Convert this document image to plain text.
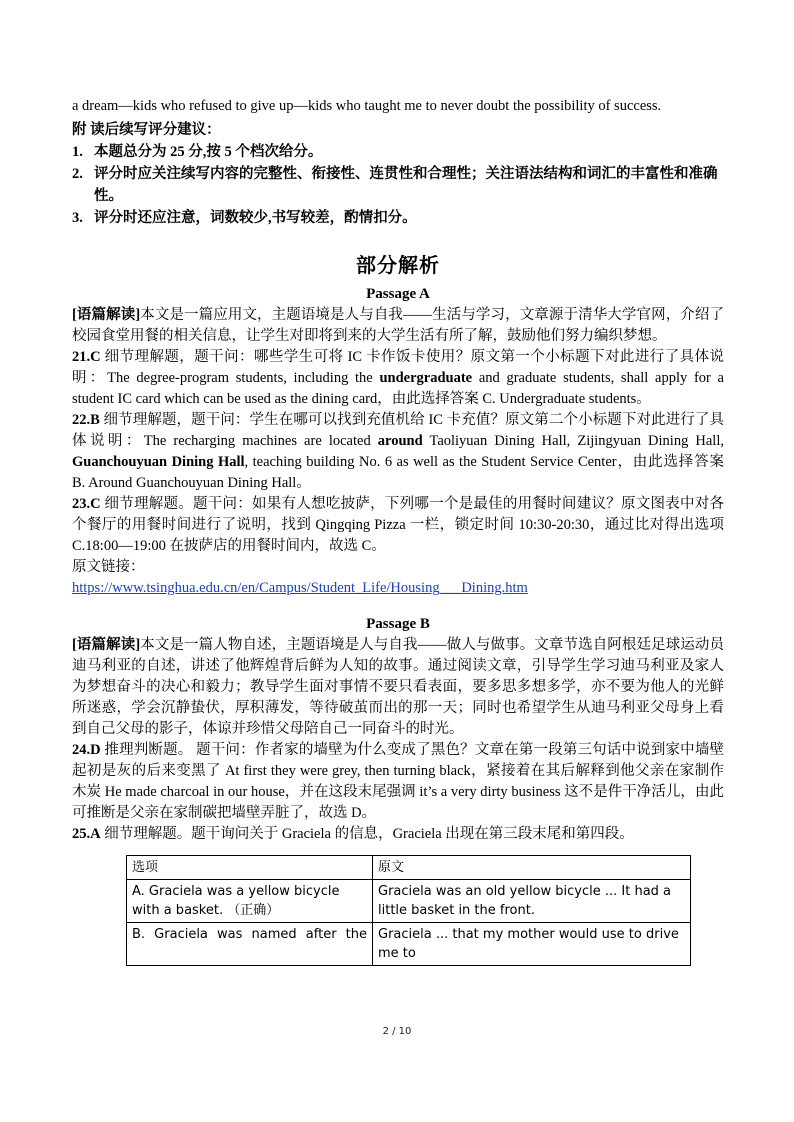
a dream—kids who refused to give up—kids who taught me to never doubt the possibility of success.

附 读后续写评分建议：

1. 本题总分为 25 分,按 5 个档次给分。
2. 评分时应关注续写内容的完整性、衔接性、连贯性和合理性；关注语法结构和词汇的丰富性和准确性。
3. 评分时还应注意，词数较少,书写较差，酌情扣分。
部分解析

Passage A

[语篇解读]本文是一篇应用文，主题语境是人与自我——生活与学习，文章源于清华大学官网，介绍了校园食堂用餐的相关信息，让学生对即将到来的大学生活有所了解，鼓励他们努力编织梦想。

21.C 细节理解题，题干问：哪些学生可将 IC 卡作饭卡使用？原文第一个小标题下对此进行了具体说明：The degree-program students, including the undergraduate and graduate students, shall apply for a student IC card which can be used as the dining card，由此选择答案 C. Undergraduate students。

22.B 细节理解题，题干问：学生在哪可以找到充值机给 IC 卡充值？原文第二个小标题下对此进行了具体说明：The recharging machines are located around Taoliyuan Dining Hall, Zijingyuan Dining Hall, Guanchouyuan Dining Hall, teaching building No. 6 as well as the Student Service Center，由此选择答案 B. Around Guanchouyuan Dining Hall。

23.C 细节理解题。题干问：如果有人想吃披萨，下列哪一个是最佳的用餐时间建议？原文图表中对各个餐厅的用餐时间进行了说明，找到 Qingqing Pizza 一栏，锁定时间 10:30-20:30，通过比对得出选项 C.18:00—19:00 在披萨店的用餐时间内，故选 C。

原文链接：

https://www.tsinghua.edu.cn/en/Campus/Student_Life/Housing___Dining.htm

Passage B

[语篇解读]本文是一篇人物自述，主题语境是人与自我——做人与做事。文章节选自阿根廷足球运动员迪马利亚的自述，讲述了他辉煌背后鲜为人知的故事。通过阅读文章，引导学生学习迪马利亚及家人为梦想奋斗的决心和毅力；教导学生面对事情不要只看表面，要多思多想多学，亦不要为他人的光鲜所迷惑，学会沉静蛰伏，厚积薄发，等待破茧而出的那一天；同时也希望学生从迪马利亚父母身上看到自己父母的影子，体谅并珍惜父母陪自己一同奋斗的时光。

24.D 推理判断题。 题干问：作者家的墙壁为什么变成了黑色？文章在第一段第三句话中说到家中墙壁起初是灰的后来变黑了 At first they were grey, then turning black，紧接着在其后解释到他父亲在家制作木炭 He made charcoal in our house，并在这段末尾强调 it’s a very dirty business 这不是件干净活儿，由此可推断是父亲在家制碳把墙壁弄脏了，故选 D。

25.A 细节理解题。题干询问关于 Graciela 的信息，Graciela 出现在第三段末尾和第四段。

选项	原文
A. Graciela was a yellow bicycle with a basket. （正确）	Graciela was an old yellow bicycle ... It had a little basket in the front.
B. Graciela was named after the	Graciela ... that my mother would use to drive me to
2 / 10
